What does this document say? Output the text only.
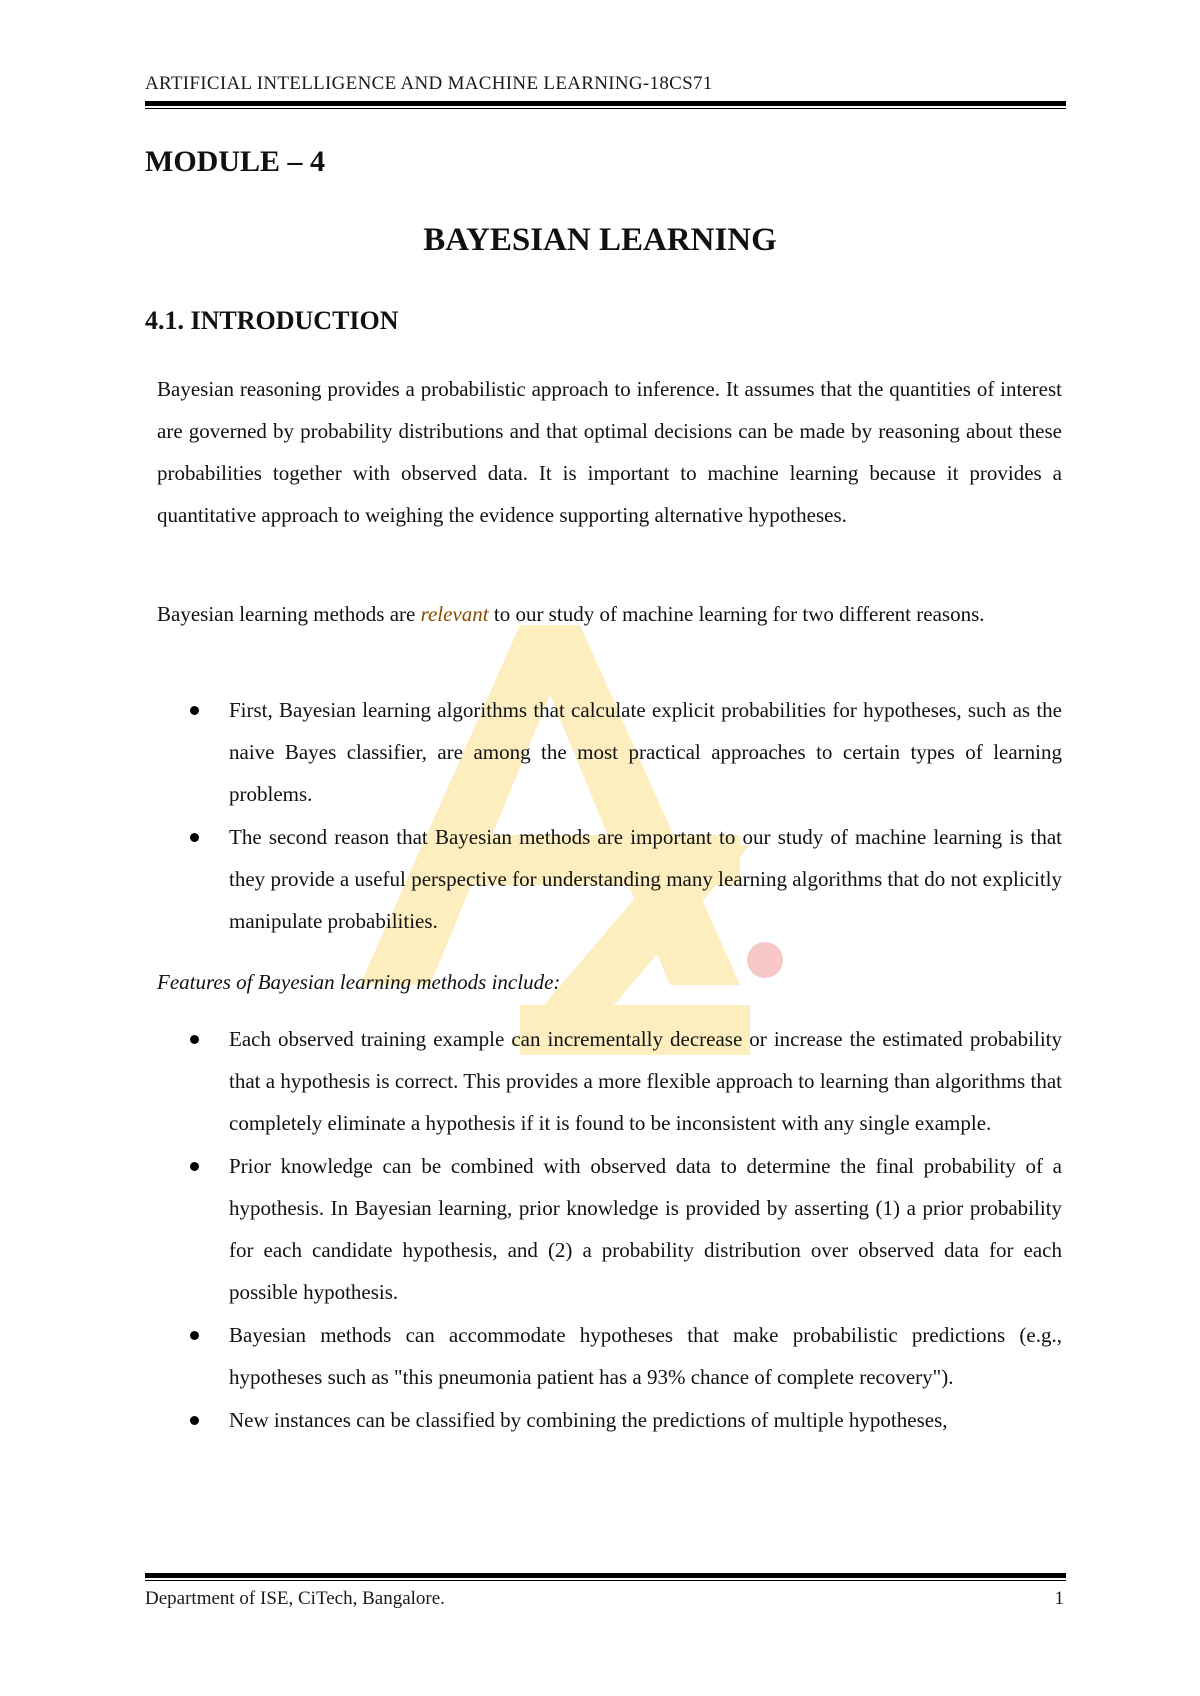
ARTIFICIAL INTELLIGENCE AND MACHINE LEARNING-18CS71
MODULE – 4
BAYESIAN LEARNING
4.1. INTRODUCTION

Bayesian reasoning provides a probabilistic approach to inference. It assumes that the quantities of interest are governed by probability distributions and that optimal decisions can be made by reasoning about these probabilities together with observed data. It is important to machine learning because it provides a quantitative approach to weighing the evidence supporting alternative hypotheses.

Bayesian learning methods are relevant to our study of machine learning for two different reasons.

First, Bayesian learning algorithms that calculate explicit probabilities for hypotheses, such as the naive Bayes classifier, are among the most practical approaches to certain types of learning problems.
The second reason that Bayesian methods are important to our study of machine learning is that they provide a useful perspective for understanding many learning algorithms that do not explicitly manipulate probabilities.

Features of Bayesian learning methods include:

Each observed training example can incrementally decrease or increase the estimated probability that a hypothesis is correct. This provides a more flexible approach to learning than algorithms that completely eliminate a hypothesis if it is found to be inconsistent with any single example.
Prior knowledge can be combined with observed data to determine the final probability of a hypothesis. In Bayesian learning, prior knowledge is provided by asserting (1) a prior probability for each candidate hypothesis, and (2) a probability distribution over observed data for each possible hypothesis.
Bayesian methods can accommodate hypotheses that make probabilistic predictions (e.g., hypotheses such as "this pneumonia patient has a 93% chance of complete recovery").
New instances can be classified by combining the predictions of multiple hypotheses,
Department of ISE, CiTech, Bangalore.	1
